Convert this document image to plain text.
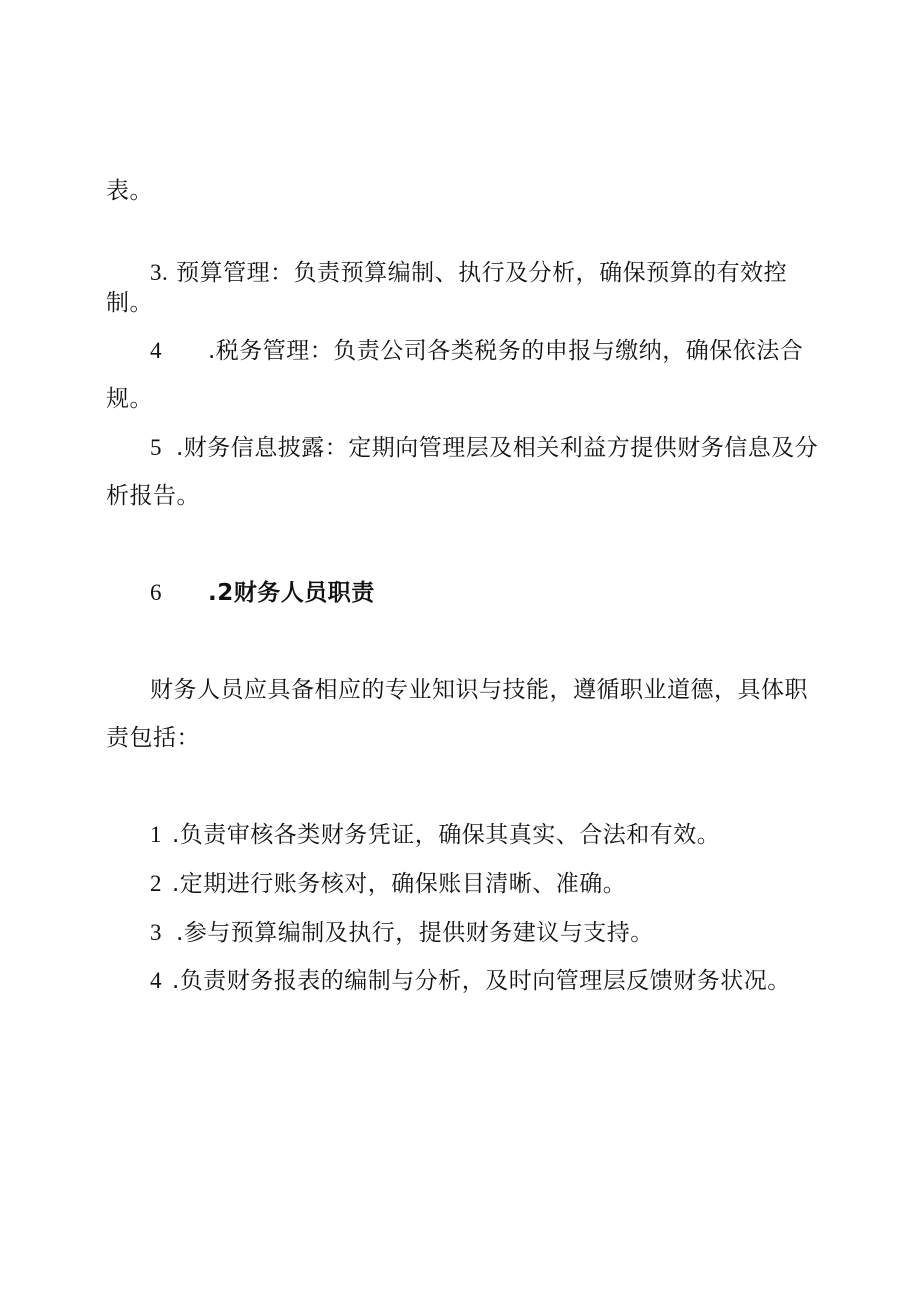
表。
3. 预算管理：负责预算编制、执行及分析，确保预算的有效控
制。
4 .税务管理：负责公司各类税务的申报与缴纳，确保依法合
规。
5 .财务信息披露：定期向管理层及相关利益方提供财务信息及分
析报告。
6 .2财务人员职责
财务人员应具备相应的专业知识与技能，遵循职业道德，具体职
责包括：
1 .负责审核各类财务凭证，确保其真实、合法和有效。
2 .定期进行账务核对，确保账目清晰、准确。
3 .参与预算编制及执行，提供财务建议与支持。
4 .负责财务报表的编制与分析，及时向管理层反馈财务状况。
